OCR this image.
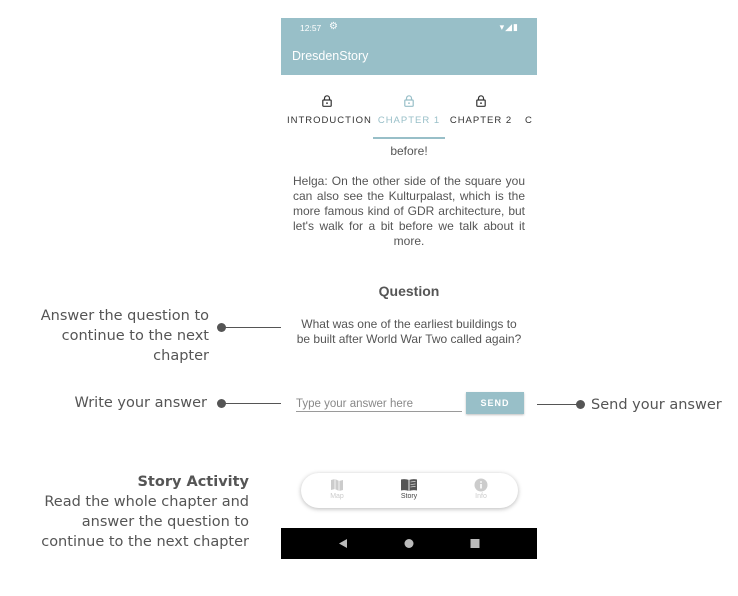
Answer the question to
continue to the next chapter
Write your answer	Send your answer
Story Activity
Read the whole chapter and
answer the question to
continue to the next chapter
12:57 ⚙	▾◢▮
DresdenStory
INTRODUCTION CHAPTER 1	CHAPTER 2 C
before!
Helga: On the other side of the square you can also see the Kulturpalast, which is the more famous kind of GDR architecture, but let's walk for a bit before we talk about it more.
Question
What was one of the earliest buildings to be built after World War Two called again?
Type your answer here
SEND
Map	Story	Info
